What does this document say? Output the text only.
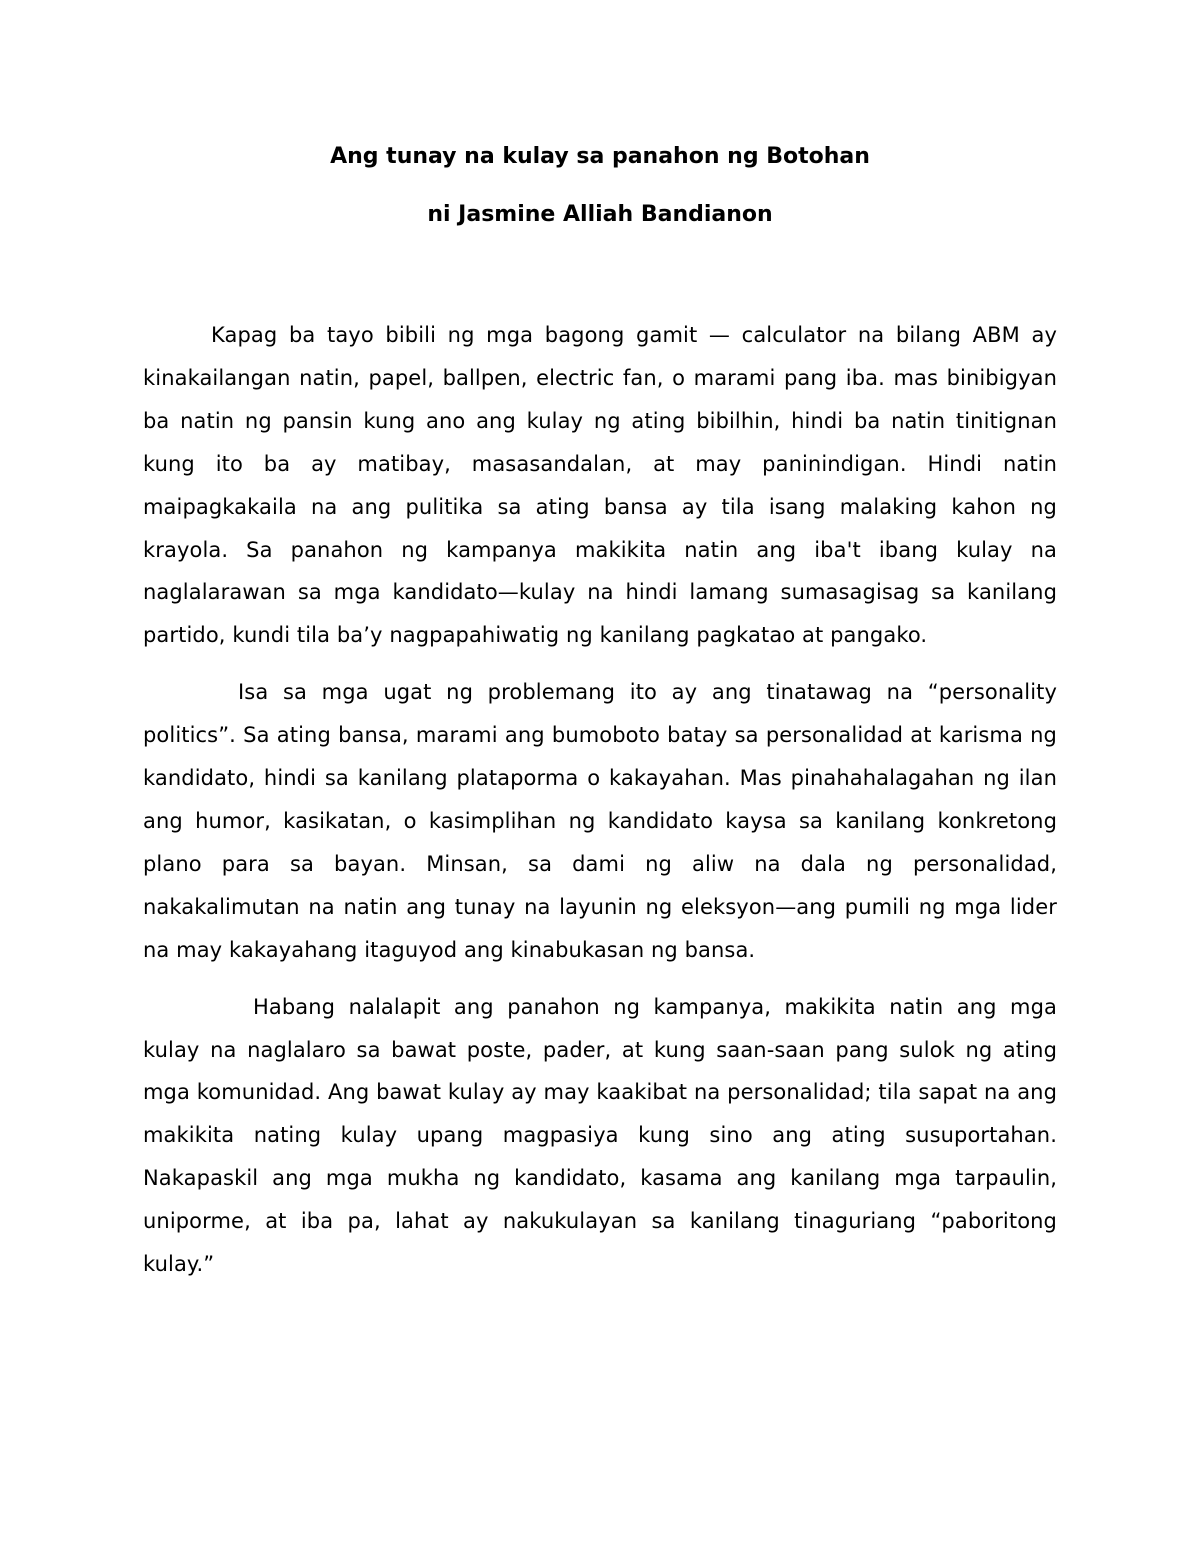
Ang tunay na kulay sa panahon ng Botohan
ni Jasmine Alliah Bandianon

Kapag ba tayo bibili ng mga bagong gamit — calculator na bilang ABM ay kinakailangan natin, papel, ballpen, electric fan, o marami pang iba. mas binibigyan ba natin ng pansin kung ano ang kulay ng ating bibilhin, hindi ba natin tinitignan kung ito ba ay matibay, masasandalan, at may paninindigan. Hindi natin maipagkakaila na ang pulitika sa ating bansa ay tila isang malaking kahon ng krayola. Sa panahon ng kampanya makikita natin ang iba't ibang kulay na naglalarawan sa mga kandidato—kulay na hindi lamang sumasagisag sa kanilang partido, kundi tila ba’y nagpapahiwatig ng kanilang pagkatao at pangako.

Isa sa mga ugat ng problemang ito ay ang tinatawag na “personality politics”. Sa ating bansa, marami ang bumoboto batay sa personalidad at karisma ng kandidato, hindi sa kanilang plataporma o kakayahan. Mas pinahahalagahan ng ilan ang humor, kasikatan, o kasimplihan ng kandidato kaysa sa kanilang konkretong plano para sa bayan. Minsan, sa dami ng aliw na dala ng personalidad, nakakalimutan na natin ang tunay na layunin ng eleksyon—ang pumili ng mga lider na may kakayahang itaguyod ang kinabukasan ng bansa.

Habang nalalapit ang panahon ng kampanya, makikita natin ang mga kulay na naglalaro sa bawat poste, pader, at kung saan-saan pang sulok ng ating mga komunidad. Ang bawat kulay ay may kaakibat na personalidad; tila sapat na ang makikita nating kulay upang magpasiya kung sino ang ating susuportahan. Nakapaskil ang mga mukha ng kandidato, kasama ang kanilang mga tarpaulin, uniporme, at iba pa, lahat ay nakukulayan sa kanilang tinaguriang “paboritong kulay.”
